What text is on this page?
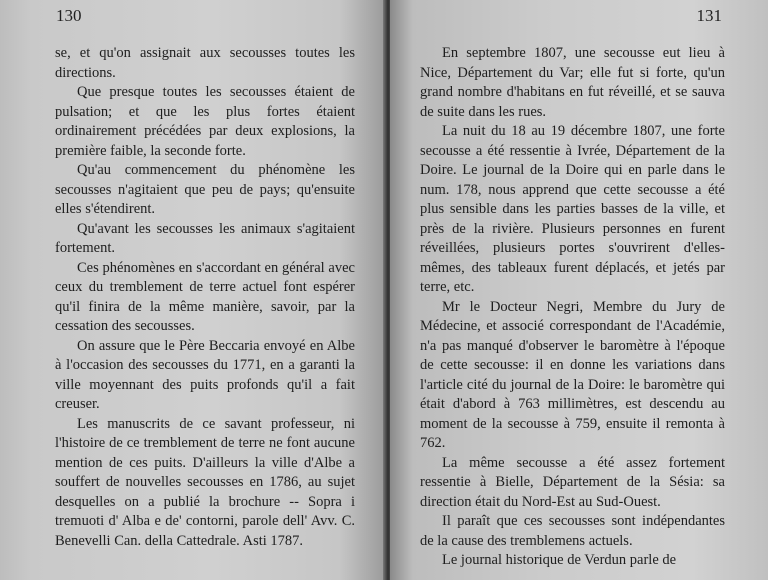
130

se, et qu'on assignait aux secousses toutes les directions.

Que presque toutes les secousses étaient de pulsation; et que les plus fortes étaient ordinairement précédées par deux explosions, la première faible, la seconde forte.

Qu'au commencement du phénomène les secousses n'agitaient que peu de pays; qu'ensuite elles s'étendirent.

Qu'avant les secousses les animaux s'agitaient fortement.

Ces phénomènes en s'accordant en général avec ceux du tremblement de terre actuel font espérer qu'il finira de la même manière, savoir, par la cessation des secousses.

On assure que le Père Beccaria envoyé en Albe à l'occasion des secousses du 1771, en a garanti la ville moyennant des puits profonds qu'il a fait creuser.

Les manuscrits de ce savant professeur, ni l'histoire de ce tremblement de terre ne font aucune mention de ces puits. D'ailleurs la ville d'Albe a souffert de nouvelles secousses en 1786, au sujet desquelles on a publié la brochure -- Sopra i tremuoti d' Alba e de' contorni, parole dell' Avv. C. Benevelli Can. della Cattedrale. Asti 1787.

131

En septembre 1807, une secousse eut lieu à Nice, Département du Var; elle fut si forte, qu'un grand nombre d'habitans en fut réveillé, et se sauva de suite dans les rues.

La nuit du 18 au 19 décembre 1807, une forte secousse a été ressentie à Ivrée, Département de la Doire. Le journal de la Doire qui en parle dans le num. 178, nous apprend que cette secousse a été plus sensible dans les parties basses de la ville, et près de la rivière. Plusieurs personnes en furent réveillées, plusieurs portes s'ouvrirent d'elles-mêmes, des tableaux furent déplacés, et jetés par terre, etc.

Mr le Docteur Negri, Membre du Jury de Médecine, et associé correspondant de l'Académie, n'a pas manqué d'observer le baromètre à l'époque de cette secousse: il en donne les variations dans l'article cité du journal de la Doire: le baromètre qui était d'abord à 763 millimètres, est descendu au moment de la secousse à 759, ensuite il remonta à 762.

La même secousse a été assez fortement ressentie à Bielle, Département de la Sésia: sa direction était du Nord-Est au Sud-Ouest.

Il paraît que ces secousses sont indépendantes de la cause des tremblemens actuels.

Le journal historique de Verdun parle de
